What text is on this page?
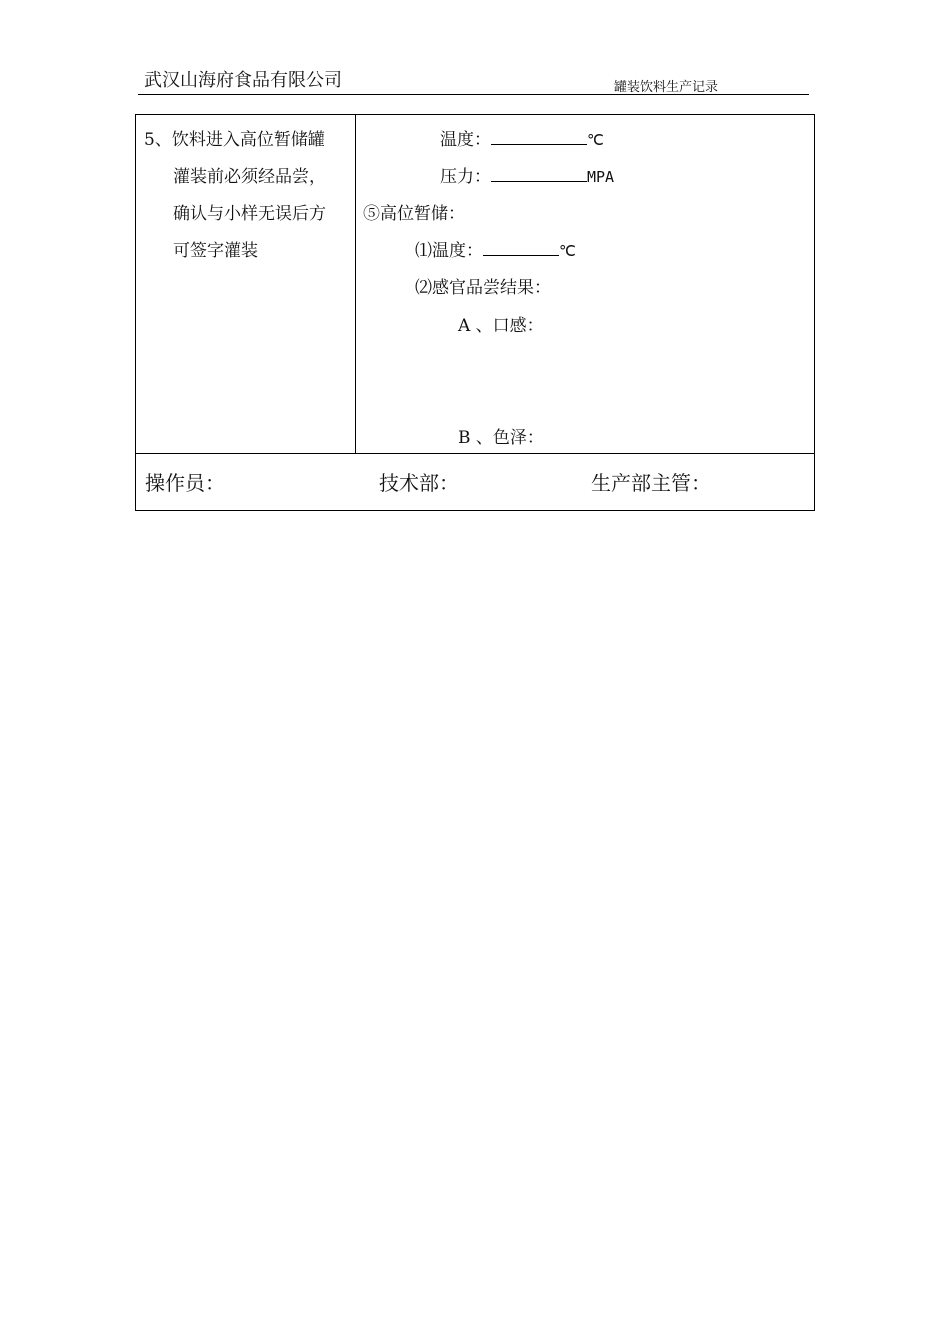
武汉山海府食品有限公司	罐装饮料生产记录
5、饮料进入高位暂储罐
灌装前必须经品尝，
确认与小样无误后方
可签字灌装
温度：	℃
压力：	MPA
⑤高位暂储：
⑴温度：	℃
⑵感官品尝结果：
A 、口感：
B 、色泽：
操作员：	技术部：	生产部主管：
